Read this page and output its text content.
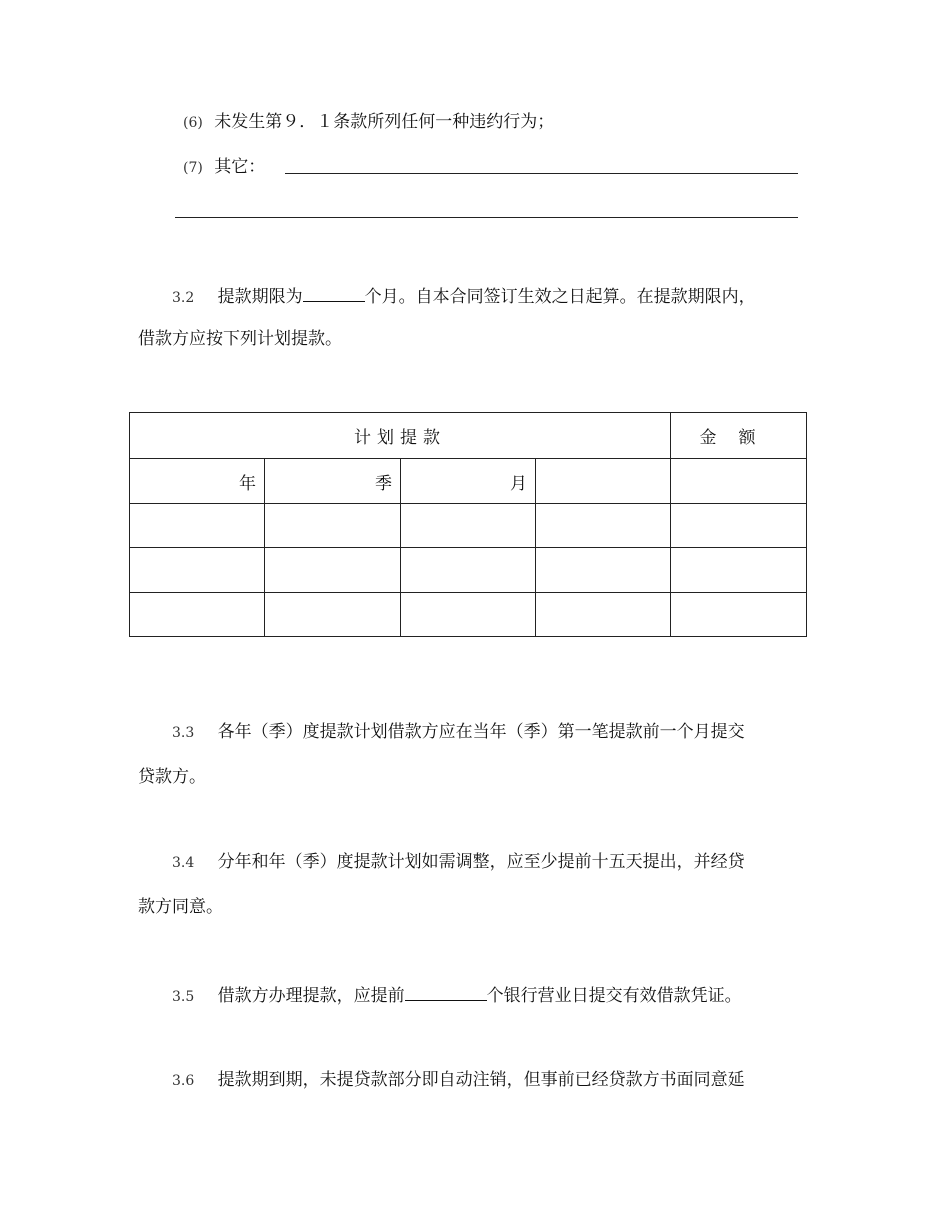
(6) 未发生第９．１条款所列任何一种违约行为；
(7) 其它：
3.2 提款期限为	个月。自本合同签订生效之日起算。在提款期限内，
借款方应按下列计划提款。
计划提款				金额
年	季	月		

3.3 各年（季）度提款计划借款方应在当年（季）第一笔提款前一个月提交
贷款方。
3.4 分年和年（季）度提款计划如需调整，应至少提前十五天提出，并经贷
款方同意。
3.5 借款方办理提款，应提前	个银行营业日提交有效借款凭证。
3.6 提款期到期，未提贷款部分即自动注销，但事前已经贷款方书面同意延
